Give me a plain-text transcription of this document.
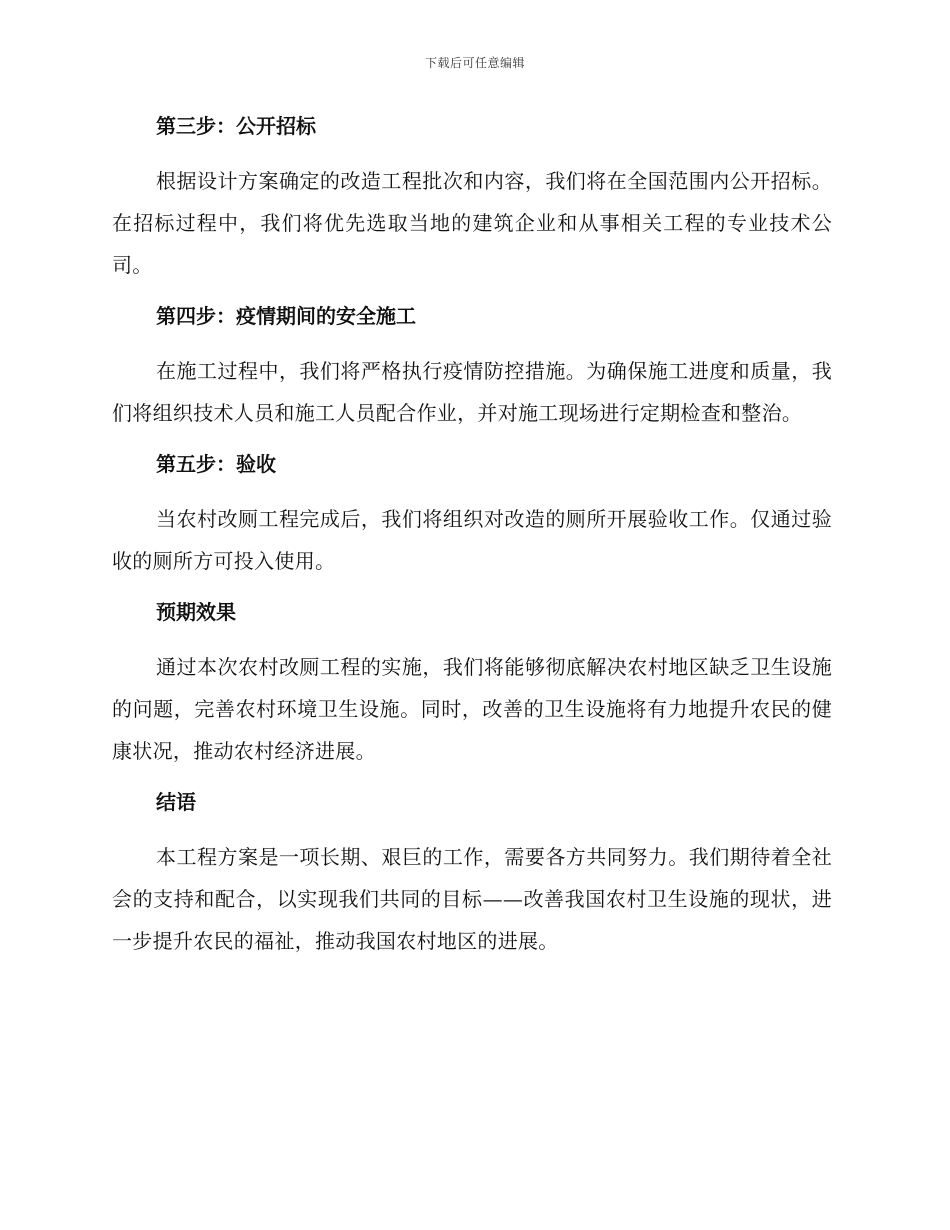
下载后可任意编辑
第三步：公开招标

根据设计方案确定的改造工程批次和内容，我们将在全国范围内公开招标。在招标过程中，我们将优先选取当地的建筑企业和从事相关工程的专业技术公司。

第四步：疫情期间的安全施工

在施工过程中，我们将严格执行疫情防控措施。为确保施工进度和质量，我们将组织技术人员和施工人员配合作业，并对施工现场进行定期检查和整治。

第五步：验收

当农村改厕工程完成后，我们将组织对改造的厕所开展验收工作。仅通过验收的厕所方可投入使用。

预期效果

通过本次农村改厕工程的实施，我们将能够彻底解决农村地区缺乏卫生设施的问题，完善农村环境卫生设施。同时，改善的卫生设施将有力地提升农民的健康状况，推动农村经济进展。

结语

本工程方案是一项长期、艰巨的工作，需要各方共同努力。我们期待着全社会的支持和配合，以实现我们共同的目标——改善我国农村卫生设施的现状，进一步提升农民的福祉，推动我国农村地区的进展。
